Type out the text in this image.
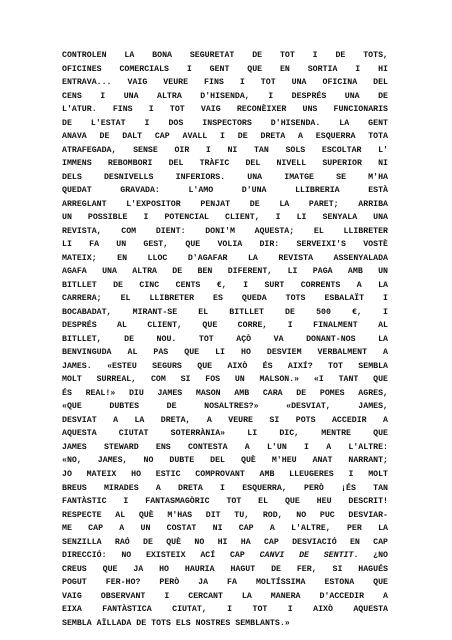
CONTROLEN LA BONA SEGURETAT DE TOT I DE TOTS,
OFICINES COMERCIALS I GENT QUE EN SORTIA I HI
ENTRAVA... VAIG VEURE FINS I TOT UNA OFICINA DEL
CENS I UNA ALTRA D'HISENDA, I DESPRÉS UNA DE
L'ATUR. FINS I TOT VAIG RECONÈIXER UNS FUNCIONARIS
DE L'ESTAT I DOS INSPECTORS D'HISENDA. LA GENT
ANAVA DE DALT CAP AVALL I DE DRETA A ESQUERRA TOTA
ATRAFEGADA, SENSE OIR I NI TAN SOLS ESCOLTAR L'
IMMENS REBOMBORI DEL TRÀFIC DEL NIVELL SUPERIOR NI
DELS DESNIVELLS INFERIORS. UNA IMATGE SE M'HA
QUEDAT GRAVADA: L'AMO D'UNA LLIBRERIA ESTÀ
ARREGLANT L'EXPOSITOR PENJAT DE LA PARET; ARRIBA
UN POSSIBLE I POTENCIAL CLIENT, I LI SENYALA UNA
REVISTA, COM DIENT: DONI'M AQUESTA; EL LLIBRETER
LI FA UN GEST, QUE VOLIA DIR: SERVEIXI'S VOSTÈ
MATEIX; EN LLOC D'AGAFAR LA REVISTA ASSENYALADA
AGAFA UNA ALTRA DE BEN DIFERENT, LI PAGA AMB UN
BITLLET DE CINC CENTS €, I SURT CORRENTS A LA
CARRERA; EL LLIBRETER ES QUEDA TOTS ESBALAÏT I
BOCABADAT, MIRANT-SE EL BITLLET DE 500 €, I
DESPRÉS AL CLIENT, QUE CORRE, I FINALMENT AL
BITLLET, DE NOU. TOT AÇÒ VA DONANT-NOS LA
BENVINGUDA AL PAS QUE LI HO DESVIEM VERBALMENT A
JAMES. «ESTEU SEGURS QUE AIXÒ ÉS AIXÍ? TOT SEMBLA
MOLT SURREAL, COM SI FOS UN MALSON.» «I TANT QUE
ÉS REAL!» DIU JAMES MASON AMB CARA DE POMES AGRES,
«QUE DUBTES DE NOSALTRES?» «DESVIAT, JAMES,
DESVIAT A LA DRETA, A VEURE SI POTS ACCEDIR A
AQUESTA CIUTAT SOTERRÀNIA» LI DIC, MENTRE QUE
JAMES STEWARD ENS CONTESTA A L'UN I A L'ALTRE:
«NO, JAMES, NO DUBTE DEL QUÈ M'HEU ANAT NARRANT;
JO MATEIX HO ESTIC COMPROVANT AMB LLEUGERES I MOLT
BREUS MIRADES A DRETA I ESQUERRA, PERÒ ¡ÉS TAN
FANTÀSTIC I FANTASMAGÒRIC TOT EL QUE HEU DESCRIT!
RESPECTE AL QUÈ M'HAS DIT TU, ROD, NO PUC DESVIAR-
ME CAP A UN COSTAT NI CAP A L'ALTRE, PER LA
SENZILLA RAÓ DE QUÈ NO HI HA CAP DESVIACIÓ EN CAP
DIRECCIÓ: NO EXISTEIX ACÍ CAP CANVI DE SENTIT. ¿NO
CREUS QUE JA HO HAURIA HAGUT DE FER, SI HAGUÉS
POGUT FER-HO? PERÒ JA FA MOLTÍSSIMA ESTONA QUE
VAIG OBSERVANT I CERCANT LA MANERA D'ACCEDIR A
EIXA FANTÀSTICA CIUTAT, I TOT I AIXÒ AQUESTA
SEMBLA AÏLLADA DE TOTS ELS NOSTRES SEMBLANTS.»
